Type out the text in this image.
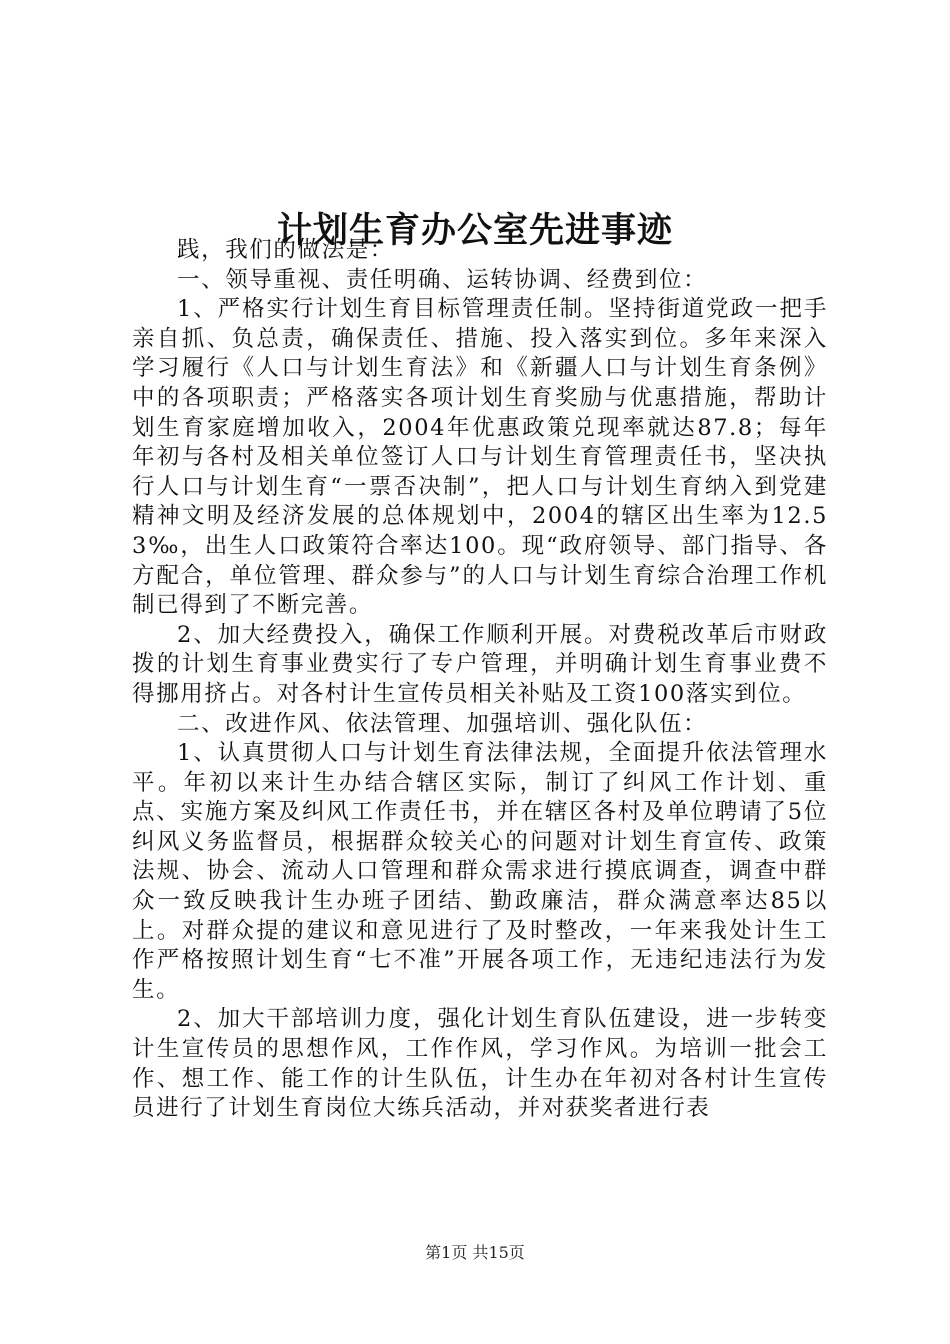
计划生育办公室先进事迹

践，我们的做法是：

一、领导重视、责任明确、运转协调、经费到位：

1、严格实行计划生育目标管理责任制。坚持街道党政一把手亲自抓、负总责，确保责任、措施、投入落实到位。多年来深入学习履行《人口与计划生育法》和《新疆人口与计划生育条例》中的各项职责；严格落实各项计划生育奖励与优惠措施，帮助计划生育家庭增加收入，2004年优惠政策兑现率就达87.8；每年年初与各村及相关单位签订人口与计划生育管理责任书，坚决执行人口与计划生育“一票否决制”，把人口与计划生育纳入到党建精神文明及经济发展的总体规划中，2004的辖区出生率为12.53‰，出生人口政策符合率达100。现“政府领导、部门指导、各方配合，单位管理、群众参与”的人口与计划生育综合治理工作机制已得到了不断完善。

2、加大经费投入，确保工作顺利开展。对费税改革后市财政拨的计划生育事业费实行了专户管理，并明确计划生育事业费不得挪用挤占。对各村计生宣传员相关补贴及工资100落实到位。

二、改进作风、依法管理、加强培训、强化队伍：

1、认真贯彻人口与计划生育法律法规，全面提升依法管理水平。年初以来计生办结合辖区实际，制订了纠风工作计划、重点、实施方案及纠风工作责任书，并在辖区各村及单位聘请了5位纠风义务监督员，根据群众较关心的问题对计划生育宣传、政策法规、协会、流动人口管理和群众需求进行摸底调查，调查中群众一致反映我计生办班子团结、勤政廉洁，群众满意率达85以上。对群众提的建议和意见进行了及时整改，一年来我处计生工作严格按照计划生育“七不准”开展各项工作，无违纪违法行为发生。

2、加大干部培训力度，强化计划生育队伍建设，进一步转变计生宣传员的思想作风，工作作风，学习作风。为培训一批会工作、想工作、能工作的计生队伍，计生办在年初对各村计生宣传员进行了计划生育岗位大练兵活动，并对获奖者进行表

第1页 共15页
